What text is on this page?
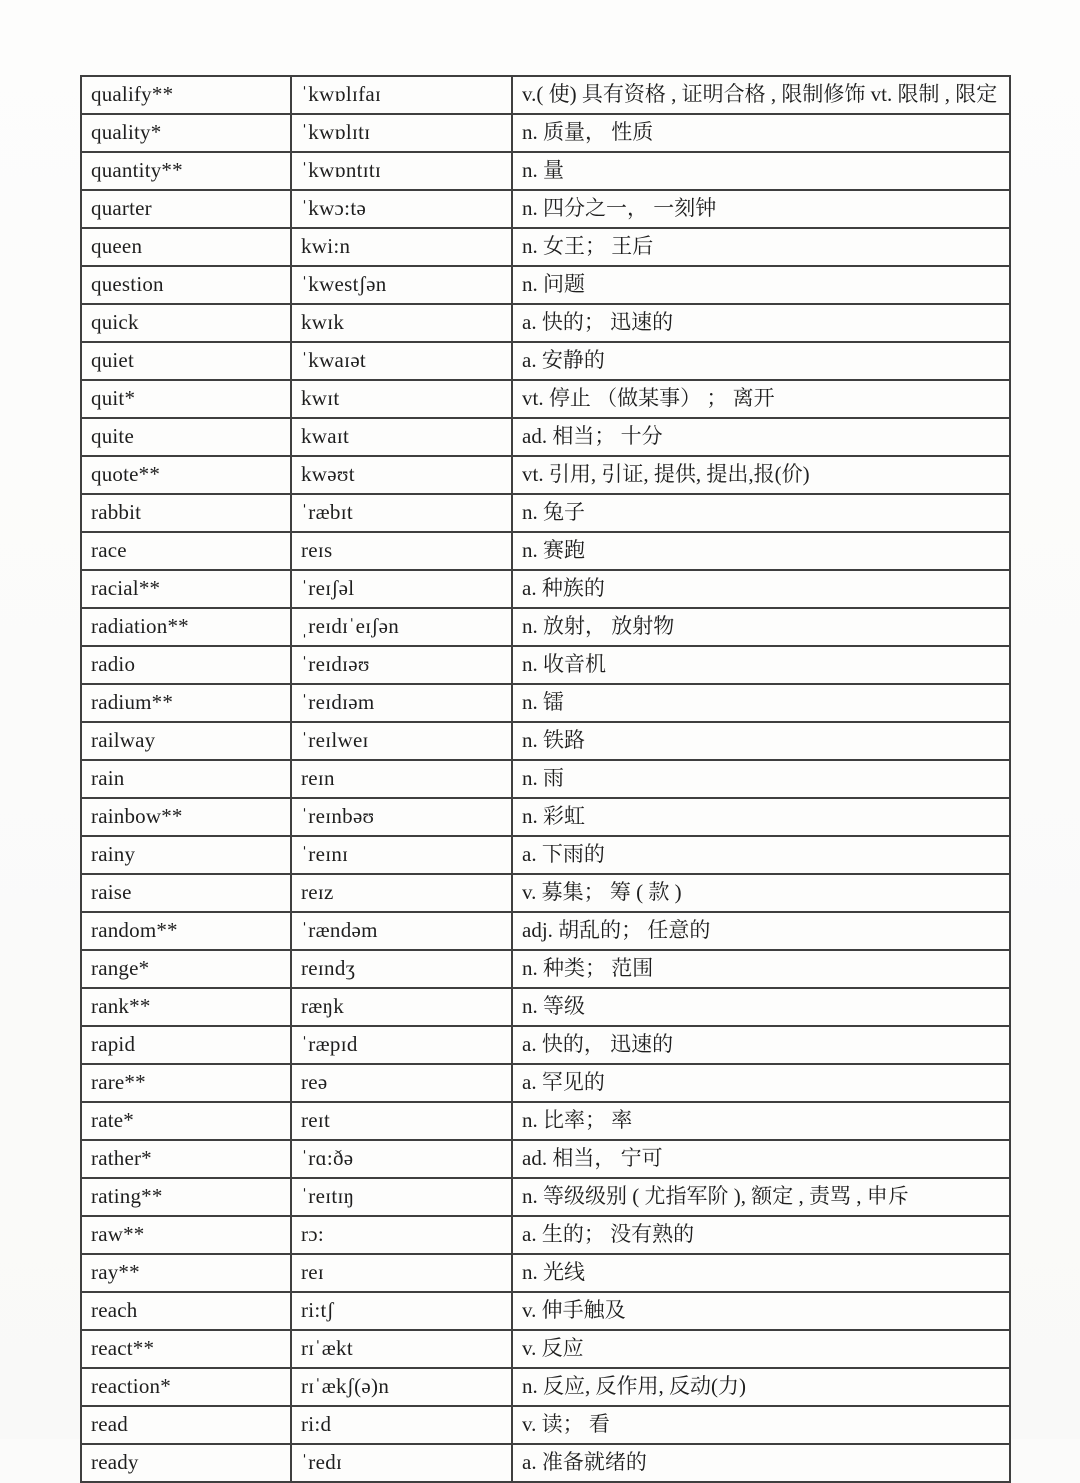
qualify**	ˈkwɒlɪfaɪ	v.( 使) 具有资格 , 证明合格 , 限制修饰 vt. 限制 , 限定
quality*	ˈkwɒlɪtɪ	n. 质量， 性质
quantity**	ˈkwɒntɪtɪ	n. 量
quarter	ˈkwɔ:tə	n. 四分之一， 一刻钟
queen	kwi:n	n. 女王； 王后
question	ˈkwestʃən	n. 问题
quick	kwɪk	a. 快的； 迅速的
quiet	ˈkwaɪət	a. 安静的
quit*	kwɪt	vt. 停止 （做某事） ； 离开
quite	kwaɪt	ad. 相当； 十分
quote**	kwəʊt	vt. 引用, 引证, 提供, 提出,报(价)
rabbit	ˈræbɪt	n. 兔子
race	reɪs	n. 赛跑
racial**	ˈreɪʃəl	a. 种族的
radiation**	ˌreɪdɪˈeɪʃən	n. 放射， 放射物
radio	ˈreɪdɪəʊ	n. 收音机
radium**	ˈreɪdɪəm	n. 镭
railway	ˈreɪlweɪ	n. 铁路
rain	reɪn	n. 雨
rainbow**	ˈreɪnbəʊ	n. 彩虹
rainy	ˈreɪnɪ	a. 下雨的
raise	reɪz	v. 募集； 筹 ( 款 )
random**	ˈrændəm	adj. 胡乱的； 任意的
range*	reɪndʒ	n. 种类； 范围
rank**	ræŋk	n. 等级
rapid	ˈræpɪd	a. 快的， 迅速的
rare**	reə	a. 罕见的
rate*	reɪt	n. 比率； 率
rather*	ˈrɑ:ðə	ad. 相当， 宁可
rating**	ˈreɪtɪŋ	n. 等级级别 ( 尤指军阶 ), 额定 , 责骂 , 申斥
raw**	rɔ:	a. 生的； 没有熟的
ray**	reɪ	n. 光线
reach	ri:tʃ	v. 伸手触及
react**	rɪˈækt	v. 反应
reaction*	rɪˈækʃ(ə)n	n. 反应, 反作用, 反动(力)
read	ri:d	v. 读； 看
ready	ˈredɪ	a. 准备就绪的
